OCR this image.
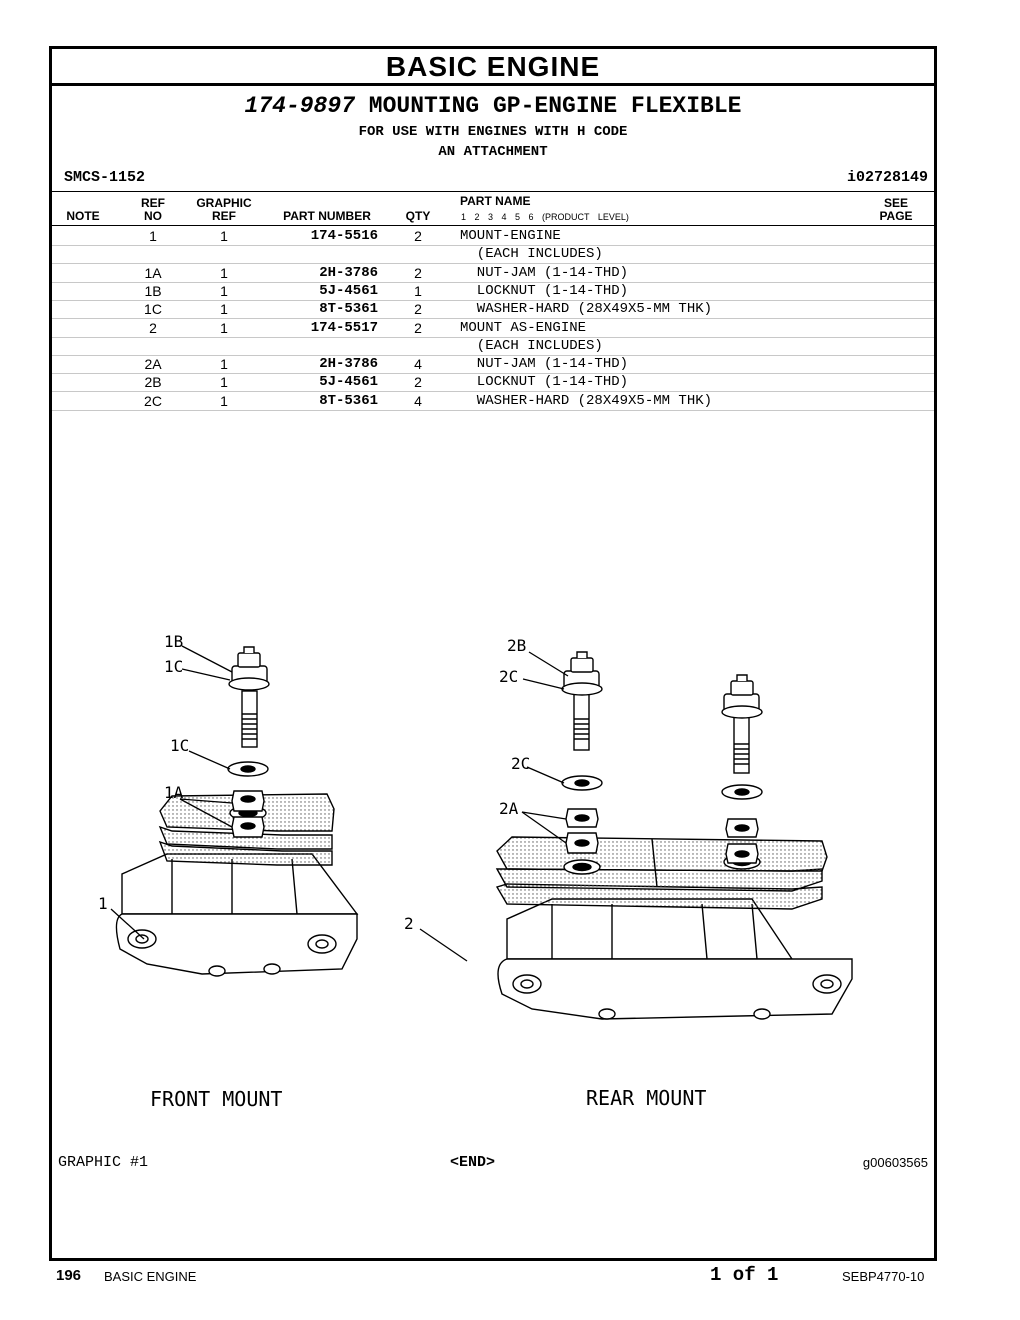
BASIC ENGINE
174-9897 MOUNTING GP-ENGINE FLEXIBLE
FOR USE WITH ENGINES WITH H CODE
AN ATTACHMENT
SMCS-1152	i02728149
NOTE
REF
NO
GRAPHIC
REF	PART NUMBER	QTY
PART NAME
1 2 3 4 5 6 (PRODUCT LEVEL)
SEE
PAGE
1	1	174-5516	2	MOUNT-ENGINE
(EACH INCLUDES)
1A	1	2H-3786	2	NUT-JAM (1-14-THD)
1B	1	5J-4561	1	LOCKNUT (1-14-THD)
1C	1	8T-5361	2	WASHER-HARD (28X49X5-MM THK)
2	1	174-5517	2	MOUNT AS-ENGINE
(EACH INCLUDES)
2A	1	2H-3786	4	NUT-JAM (1-14-THD)
2B	1	5J-4561	2	LOCKNUT (1-14-THD)
2C	1	8T-5361	4	WASHER-HARD (28X49X5-MM THK)
1B
1C
1C
1A
1
2B
2C
2C
2A
2
FRONT MOUNT	REAR MOUNT
GRAPHIC #1	<END>	g00603565
196 BASIC ENGINE	1 of 1	SEBP4770-10
